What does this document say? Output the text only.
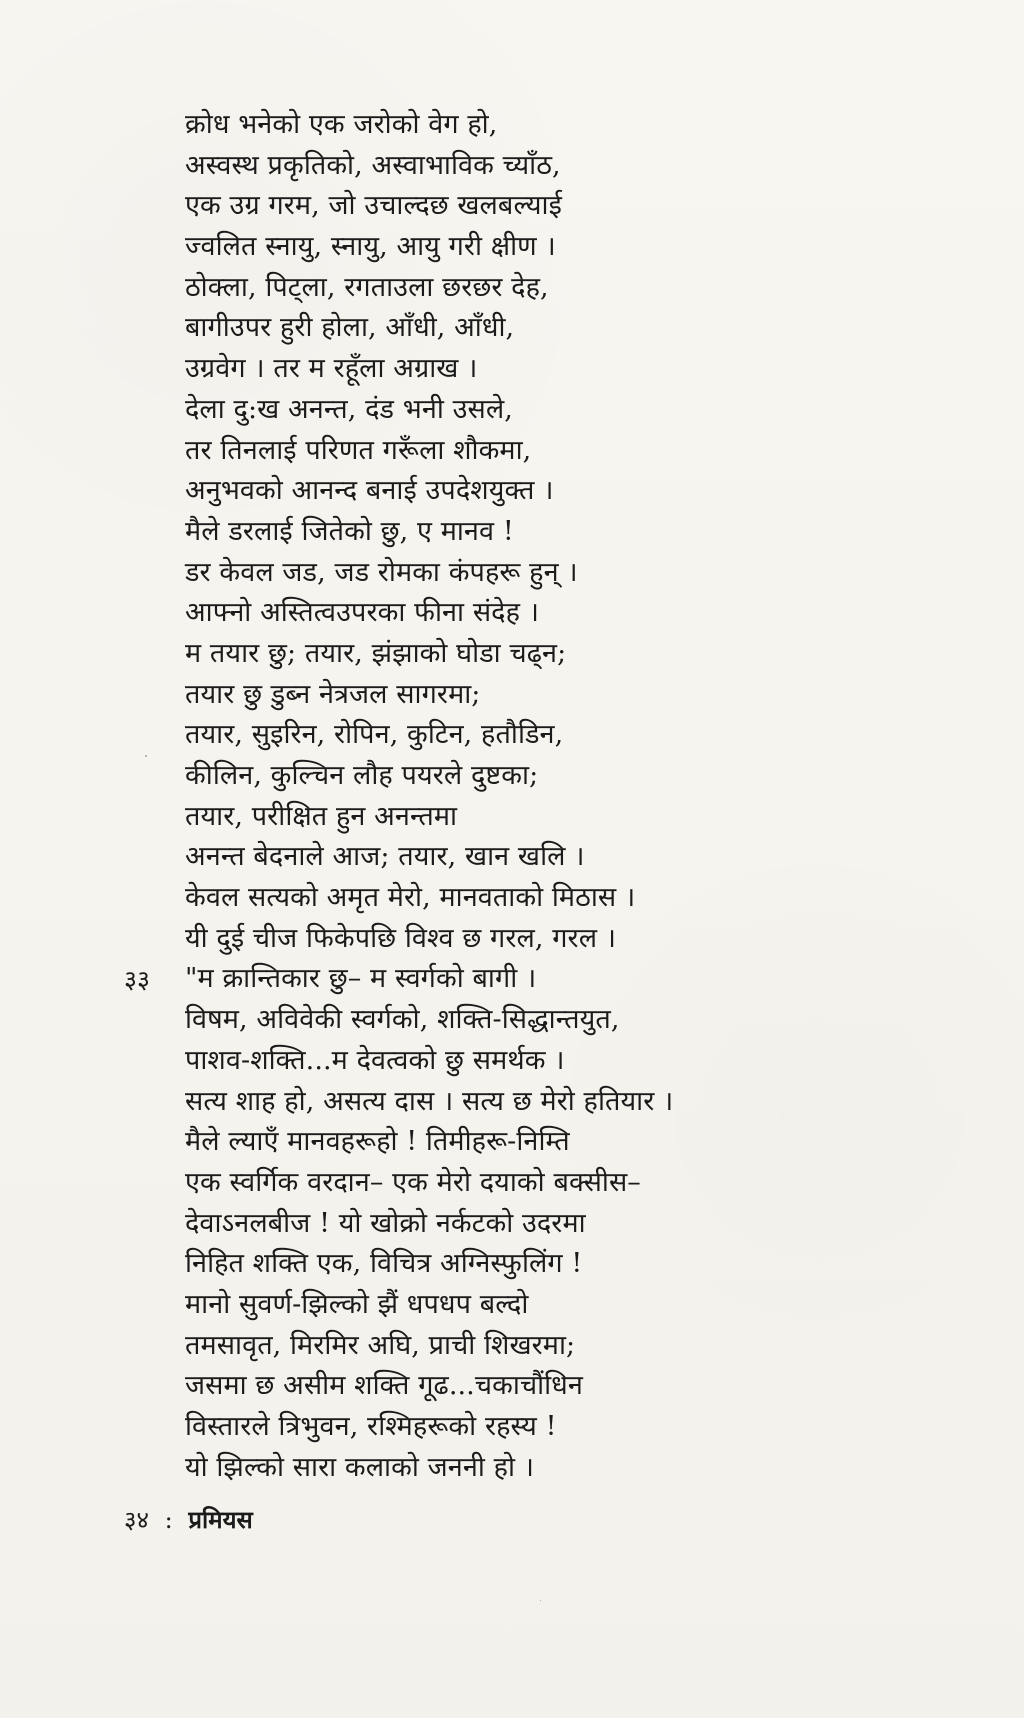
क्रोध भनेको एक जरोको वेग हो,
अस्वस्थ प्रकृतिको, अस्वाभाविक च्याँठ,
एक उग्र गरम, जो उचाल्दछ खलबल्याई
ज्वलित स्नायु, स्नायु, आयु गरी क्षीण ।
ठोक्ला, पिट्ला, रगताउला छरछर देह,
बागीउपर हुरी होला, आँधी, आँधी,
उग्रवेग । तर म रहूँला अग्राख ।
देला दु:ख अनन्त, दंड भनी उसले,
तर तिनलाई परिणत गरूँला शौकमा,
अनुभवको आनन्द बनाई उपदेशयुक्त ।
मैले डरलाई जितेको छु, ए मानव !
डर केवल जड, जड रोमका कंपहरू हुन् ।
आफ्नो अस्तित्वउपरका फीना संदेह ।
म तयार छु; तयार, झंझाको घोडा चढ्न;
तयार छु डुब्न नेत्रजल सागरमा;
तयार, सुइरिन, रोपिन, कुटिन, हतौडिन,
कीलिन, कुल्चिन लौह पयरले दुष्टका;
तयार, परीक्षित हुन अनन्तमा
अनन्त बेदनाले आज; तयार, खान खलि ।
केवल सत्यको अमृत मेरो, मानवताको मिठास ।
यी दुई चीज फिकेपछि विश्व छ गरल, गरल ।
"म क्रान्तिकार छु– म स्वर्गको बागी ।
विषम, अविवेकी स्वर्गको, शक्ति-सिद्धान्तयुत,
पाशव-शक्ति...म देवत्वको छु समर्थक ।
सत्य शाह हो, असत्य दास । सत्य छ मेरो हतियार ।
मैले ल्याएँ मानवहरूहो ! तिमीहरू-निम्ति
एक स्वर्गिक वरदान– एक मेरो दयाको बक्सीस–
देवाऽनलबीज ! यो खोक्रो नर्कटको उदरमा
निहित शक्ति एक, विचित्र अग्निस्फुलिंग !
मानो सुवर्ण-झिल्को झैं धपधप बल्दो
तमसावृत, मिरमिर अघि, प्राची शिखरमा;
जसमा छ असीम शक्ति गूढ...चकाचौंधिन
विस्तारले त्रिभुवन, रश्मिहरूको रहस्य !
यो झिल्को सारा कलाको जननी हो ।
३३
३४ : प्रमियस
